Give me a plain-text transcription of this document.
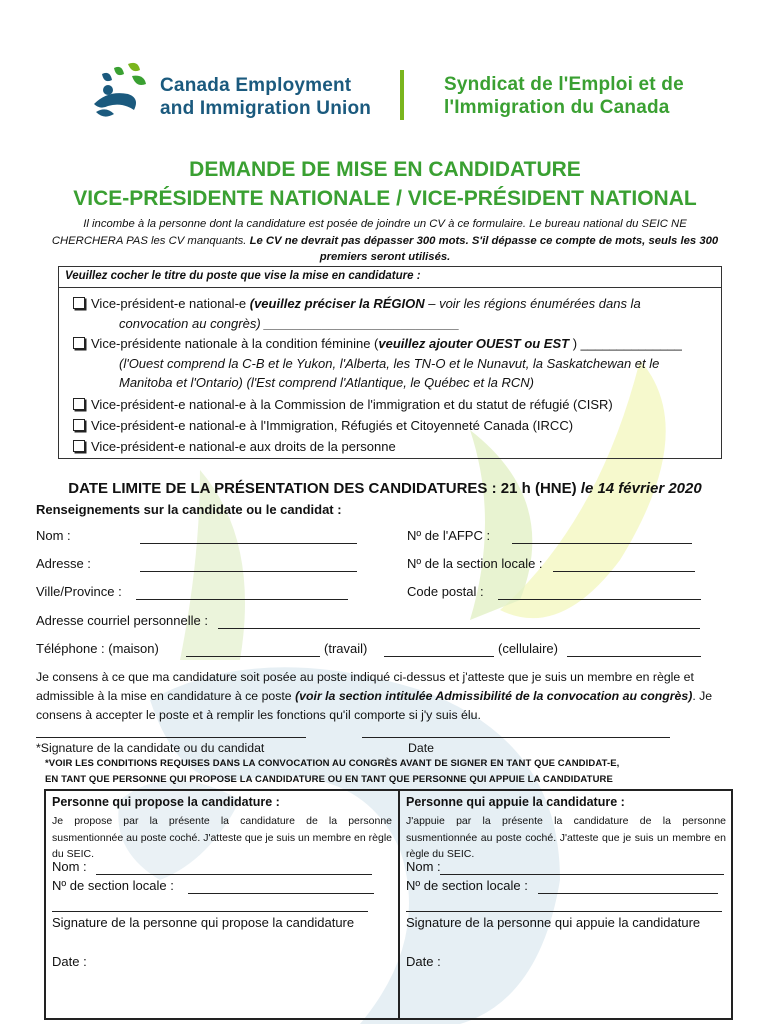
Canada Employment
and Immigration Union
Syndicat de l'Emploi et de
l'Immigration du Canada
DEMANDE DE MISE EN CANDIDATURE
VICE-PRÉSIDENTE NATIONALE / VICE-PRÉSIDENT NATIONAL
Il incombe à la personne dont la candidature est posée de joindre un CV à ce formulaire. Le bureau national du SEIC NE CHERCHERA PAS les CV manquants. Le CV ne devrait pas dépasser 300 mots. S'il dépasse ce compte de mots, seuls les 300 premiers seront utilisés.
Veuillez cocher le titre du poste que vise la mise en candidature :
Vice-président-e national-e (veuillez préciser la RÉGION – voir les régions énumérées dans la
convocation au congrès) ___________________________
Vice-présidente nationale à la condition féminine (veuillez ajouter OUEST ou EST ) ______________
(l'Ouest comprend la C-B et le Yukon, l'Alberta, les TN-O et le Nunavut, la Saskatchewan et le
Manitoba et l'Ontario) (l'Est comprend l'Atlantique, le Québec et la RCN)
Vice-président-e national-e à la Commission de l'immigration et du statut de réfugié (CISR)
Vice-président-e national-e à l'Immigration, Réfugiés et Citoyenneté Canada (IRCC)
Vice-président-e national-e aux droits de la personne
DATE LIMITE DE LA PRÉSENTATION DES CANDIDATURES : 21 h (HNE) le 14 février 2020
Renseignements sur la candidate ou le candidat :
Nom :	Nº de l'AFPC :
Adresse :	Nº de la section locale :
Ville/Province :	Code postal :
Adresse courriel personnelle :
Téléphone : (maison)	(travail)	(cellulaire)
Je consens à ce que ma candidature soit posée au poste indiqué ci-dessus et j'atteste que je suis un membre en règle et admissible à la mise en candidature à ce poste (voir la section intitulée Admissibilité de la convocation au congrès). Je consens à accepter le poste et à remplir les fonctions qu'il comporte si j'y suis élu.
*Signature de la candidate ou du candidat	Date
*VOIR LES CONDITIONS REQUISES DANS LA CONVOCATION AU CONGRÈS AVANT DE SIGNER EN TANT QUE CANDIDAT-E,
EN TANT QUE PERSONNE QUI PROPOSE LA CANDIDATURE OU EN TANT QUE PERSONNE QUI APPUIE LA CANDIDATURE
Personne qui propose la candidature :
Je propose par la présente la candidature de la personne susmentionnée au poste coché. J'atteste que je suis un membre en règle du SEIC.
Nom :
Nº de section locale :
Signature de la personne qui propose la candidature
Date :
Personne qui appuie la candidature :
J'appuie par la présente la candidature de la personne susmentionnée au poste coché. J'atteste que je suis un membre en règle du SEIC.
Nom :
Nº de section locale :
Signature de la personne qui appuie la candidature
Date :
